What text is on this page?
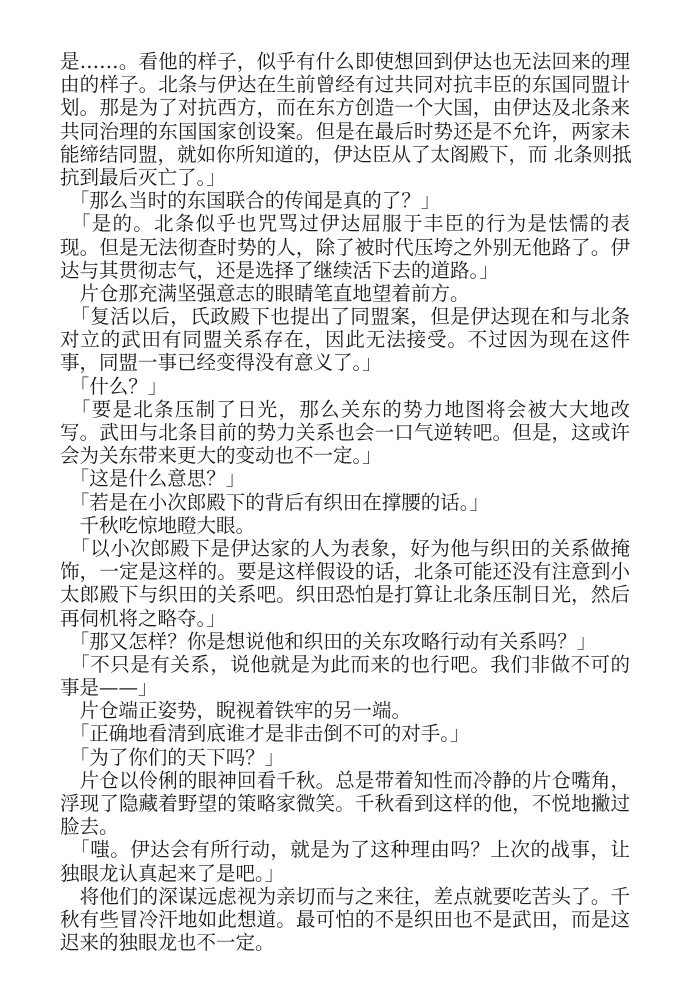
是……。看他的样子，似乎有什么即使想回到伊达也无法回来的理
由的样子。北条与伊达在生前曾经有过共同对抗丰臣的东国同盟计
划。那是为了对抗西方，而在东方创造一个大国，由伊达及北条来
共同治理的东国国家创设案。但是在最后时势还是不允许，两家未
能缔结同盟，就如你所知道的，伊达臣从了太阁殿下，而 北条则抵
抗到最后灭亡了。」
　「那么当时的东国联合的传闻是真的了？」
　「是的。北条似乎也咒骂过伊达屈服于丰臣的行为是怯懦的表
现。但是无法彻查时势的人，除了被时代压垮之外别无他路了。伊
达与其贯彻志气，还是选择了继续活下去的道路。」
　片仓那充满坚强意志的眼睛笔直地望着前方。
　「复活以后，氏政殿下也提出了同盟案，但是伊达现在和与北条
对立的武田有同盟关系存在，因此无法接受。不过因为现在这件
事，同盟一事已经变得没有意义了。」
　「什么？」
　「要是北条压制了日光，那么关东的势力地图将会被大大地改
写。武田与北条目前的势力关系也会一口气逆转吧。但是，这或许
会为关东带来更大的变动也不一定。」
　「这是什么意思？」
　「若是在小次郎殿下的背后有织田在撑腰的话。」
　千秋吃惊地瞪大眼。
　「以小次郎殿下是伊达家的人为表象，好为他与织田的关系做掩
饰，一定是这样的。要是这样假设的话，北条可能还没有注意到小
太郎殿下与织田的关系吧。织田恐怕是打算让北条压制日光，然后
再伺机将之略夺。」
　「那又怎样？你是想说他和织田的关东攻略行动有关系吗？」
　「不只是有关系，说他就是为此而来的也行吧。我们非做不可的
事是——」
　片仓端正姿势，睨视着铁牢的另一端。
　「正确地看清到底谁才是非击倒不可的对手。」
　「为了你们的天下吗？」
　片仓以伶俐的眼神回看千秋。总是带着知性而冷静的片仓嘴角，
浮现了隐藏着野望的策略家微笑。千秋看到这样的他，不悦地撇过
脸去。
　「嗤。伊达会有所行动，就是为了这种理由吗？上次的战事，让
独眼龙认真起来了是吧。」
　将他们的深谋远虑视为亲切而与之来往，差点就要吃苦头了。千
秋有些冒冷汗地如此想道。最可怕的不是织田也不是武田，而是这
迟来的独眼龙也不一定。
